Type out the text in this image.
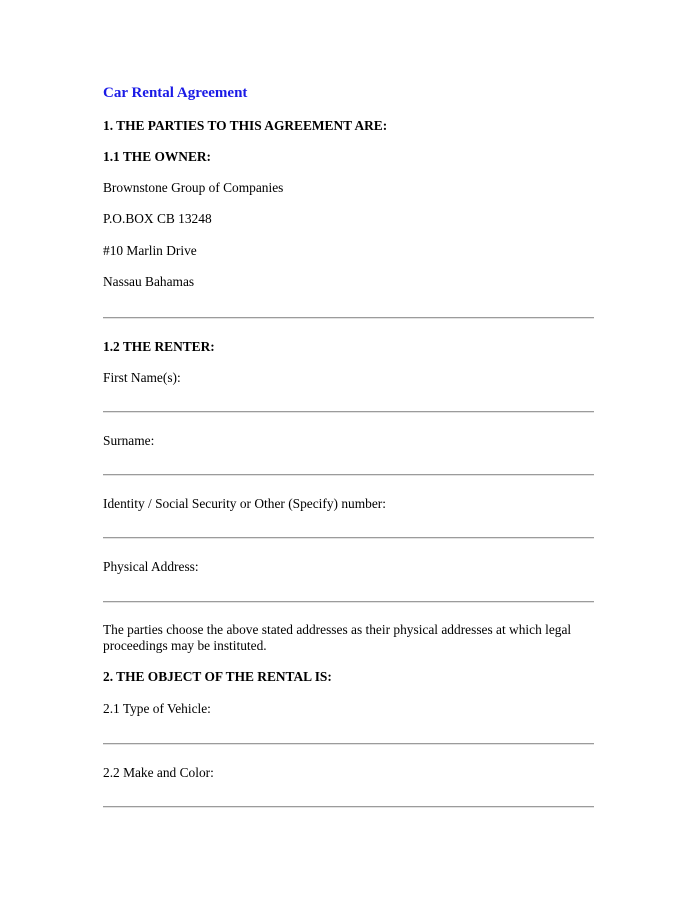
Car Rental Agreement
1. THE PARTIES TO THIS AGREEMENT ARE:
1.1 THE OWNER:
Brownstone Group of Companies
P.O.BOX CB 13248
#10 Marlin Drive
Nassau Bahamas
1.2 THE RENTER:
First Name(s):
Surname:
Identity / Social Security or Other (Specify) number:
Physical Address:
The parties choose the above stated addresses as their physical addresses at which legal proceedings may be instituted.
2. THE OBJECT OF THE RENTAL IS:
2.1 Type of Vehicle:
2.2 Make and Color:
